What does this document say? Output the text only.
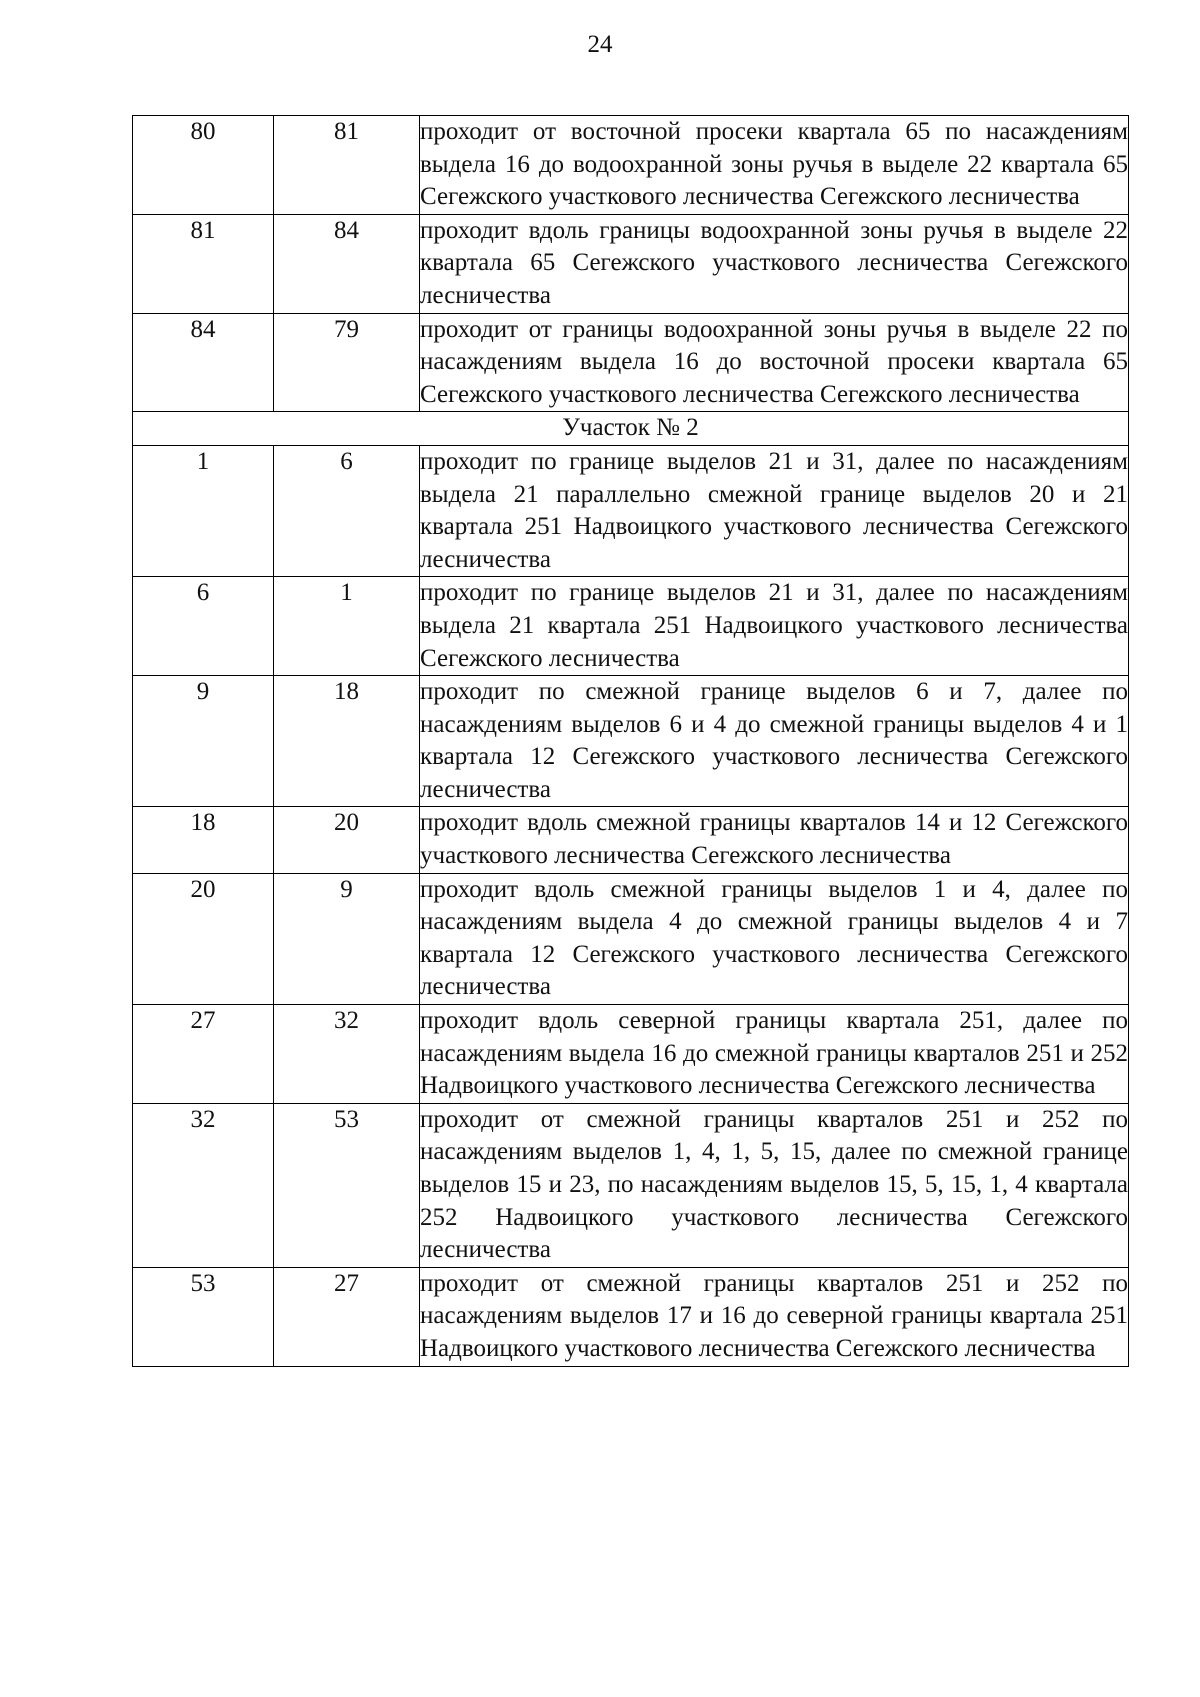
24
80	81	проходит от восточной просеки квартала 65 по насаждениям выдела 16 до водоохранной зоны ручья в выделе 22 квартала 65 Сегежского участкового лесничества Сегежского лесничества
81	84	проходит вдоль границы водоохранной зоны ручья в выделе 22 квартала 65 Сегежского участкового лесничества Сегежского лесничества
84	79	проходит от границы водоохранной зоны ручья в выделе 22 по насаждениям выдела 16 до восточной просеки квартала 65 Сегежского участкового лесничества Сегежского лесничества
Участок № 2		
1	6	проходит по границе выделов 21 и 31, далее по насаждениям выдела 21 параллельно смежной границе выделов 20 и 21 квартала 251 Надвоицкого участкового лесничества Сегежского лесничества
6	1	проходит по границе выделов 21 и 31, далее по насаждениям выдела 21 квартала 251 Надвоицкого участкового лесничества Сегежского лесничества
9	18	проходит по смежной границе выделов 6 и 7, далее по насаждениям выделов 6 и 4 до смежной границы выделов 4 и 1 квартала 12 Сегежского участкового лесничества Сегежского лесничества
18	20	проходит вдоль смежной границы кварталов 14 и 12 Сегежского участкового лесничества Сегежского лесничества
20	9	проходит вдоль смежной границы выделов 1 и 4, далее по насаждениям выдела 4 до смежной границы выделов 4 и 7 квартала 12 Сегежского участкового лесничества Сегежского лесничества
27	32	проходит вдоль северной границы квартала 251, далее по насаждениям выдела 16 до смежной границы кварталов 251 и 252 Надвоицкого участкового лесничества Сегежского лесничества
32	53	проходит от смежной границы кварталов 251 и 252 по насаждениям выделов 1, 4, 1, 5, 15, далее по смежной границе выделов 15 и 23, по насаждениям выделов 15, 5, 15, 1, 4 квартала 252 Надвоицкого участкового лесничества Сегежского лесничества
53	27	проходит от смежной границы кварталов 251 и 252 по насаждениям выделов 17 и 16 до северной границы квартала 251 Надвоицкого участкового лесничества Сегежского лесничества
